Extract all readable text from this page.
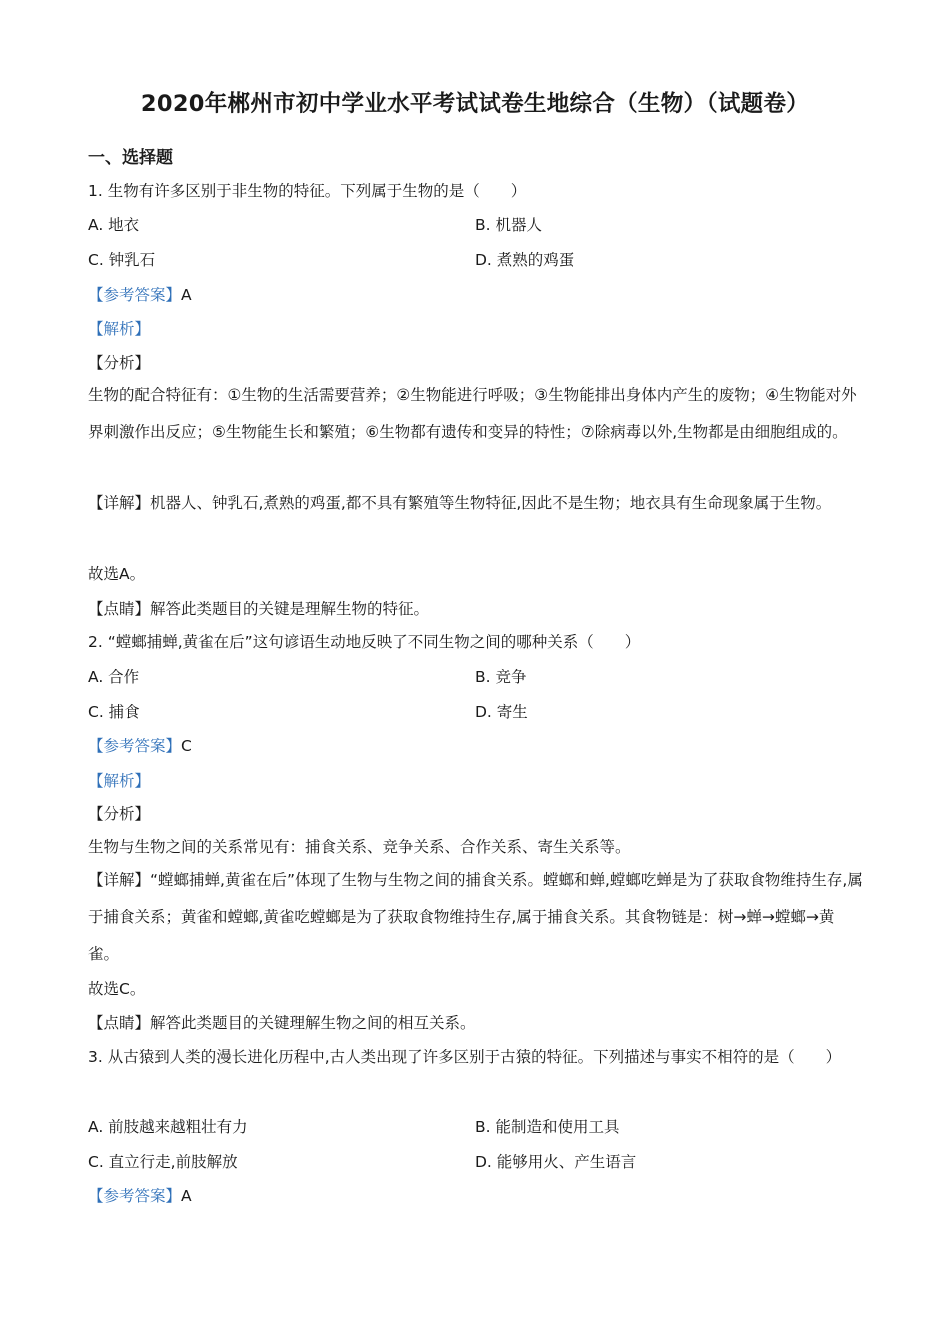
2020年郴州市初中学业水平考试试卷生地综合（生物）（试题卷）
一、选择题
1. 生物有许多区别于非生物的特征。下列属于生物的是（　　）
A. 地衣	B. 机器人
C. 钟乳石	D. 煮熟的鸡蛋
【参考答案】A
【解析】
【分析】
生物的配合特征有：①生物的生活需要营养；②生物能进行呼吸；③生物能排出身体内产生的废物；④生物能对外界刺激作出反应；⑤生物能生长和繁殖；⑥生物都有遗传和变异的特性；⑦除病毒以外,生物都是由细胞组成的。
【详解】机器人、钟乳石,煮熟的鸡蛋,都不具有繁殖等生物特征,因此不是生物；地衣具有生命现象属于生物。
故选A。
【点睛】解答此类题目的关键是理解生物的特征。
2. “螳螂捕蝉,黄雀在后”这句谚语生动地反映了不同生物之间的哪种关系（　　）
A. 合作	B. 竞争
C. 捕食	D. 寄生
【参考答案】C
【解析】
【分析】
生物与生物之间的关系常见有：捕食关系、竞争关系、合作关系、寄生关系等。
【详解】“螳螂捕蝉,黄雀在后”体现了生物与生物之间的捕食关系。螳螂和蝉,螳螂吃蝉是为了获取食物维持生存,属于捕食关系；黄雀和螳螂,黄雀吃螳螂是为了获取食物维持生存,属于捕食关系。其食物链是：树→蝉→螳螂→黄雀。
故选C。
【点睛】解答此类题目的关键理解生物之间的相互关系。
3. 从古猿到人类的漫长进化历程中,古人类出现了许多区别于古猿的特征。下列描述与事实不相符的是（　　）
A. 前肢越来越粗壮有力	B. 能制造和使用工具
C. 直立行走,前肢解放	D. 能够用火、产生语言
【参考答案】A
